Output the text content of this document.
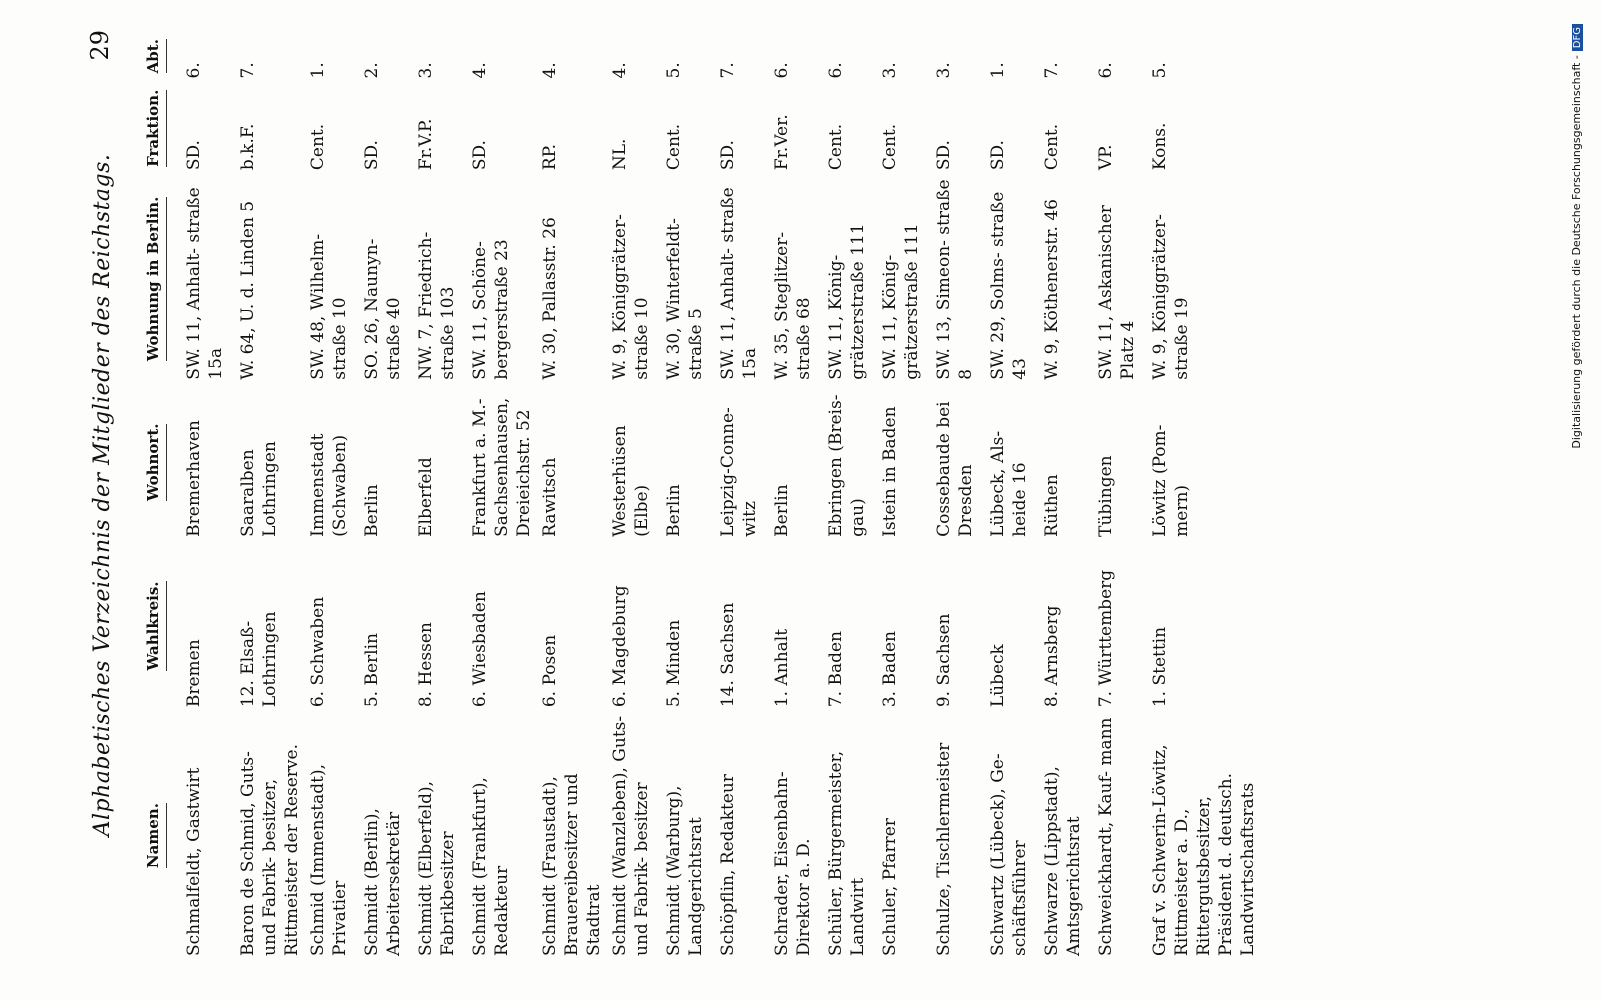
Alphabetisches Verzeichnis der Mitglieder des Reichstags.
29
Namen.	Wahlkreis.	Wohnort.	Wohnung in Berlin.	Fraktion.	Abt.
Schmalfeldt, Gastwirt	Bremen	Bremerhaven	SW. 11, Anhalt- straße 15a	SD.	6.
Baron de Schmid, Guts- und Fabrik- besitzer, Rittmeister der Reserve.	12. Elsaß- Lothringen	Saaralben Lothringen	W. 64, U. d. Linden 5	b.k.F.	7.
Schmid (Immenstadt), Privatier	6. Schwaben	Immenstadt (Schwaben)	SW. 48, Wilhelm- straße 10	Cent.	1.
Schmidt (Berlin), Arbeitersekretär	5. Berlin	Berlin	SO. 26, Naunyn- straße 40	SD.	2.
Schmidt (Elberfeld), Fabrikbesitzer	8. Hessen	Elberfeld	NW. 7, Friedrich- straße 103	Fr.V.P.	3.
Schmidt (Frankfurt), Redakteur	6. Wiesbaden	Frankfurt a. M.- Sachsenhausen, Dreieichstr. 52	SW. 11, Schöne- bergerstraße 23	SD.	4.
Schmidt (Fraustadt), Brauereibesitzer und Stadtrat	6. Posen	Rawitsch	W. 30, Pallasstr. 26	RP.	4.
Schmidt (Wanzleben), Guts- und Fabrik- besitzer	6. Magdeburg	Westerhüsen (Elbe)	W. 9, Königgrätzer- straße 10	NL.	4.
Schmidt (Warburg), Landgerichtsrat	5. Minden	Berlin	W. 30, Winterfeldt- straße 5	Cent.	5.
Schöpflin, Redakteur	14. Sachsen	Leipzig-Conne- witz	SW. 11, Anhalt- straße 15a	SD.	7.
Schrader, Eisenbahn- Direktor a. D.	1. Anhalt	Berlin	W. 35, Steglitzer- straße 68	Fr.Ver.	6.
Schüler, Bürgermeister, Landwirt	7. Baden	Ebringen (Breis- gau)	SW. 11, König- grätzerstraße 111	Cent.	6.
Schuler, Pfarrer	3. Baden	Istein in Baden	SW. 11, König- grätzerstraße 111	Cent.	3.
Schulze, Tischlermeister	9. Sachsen	Cossebaude bei Dresden	SW. 13, Simeon- straße 8	SD.	3.
Schwartz (Lübeck), Ge- schäftsführer	Lübeck	Lübeck, Als- heide 16	SW. 29, Solms- straße 43	SD.	1.
Schwarze (Lippstadt), Amtsgerichtsrat	8. Arnsberg	Rüthen	W. 9, Köthenerstr. 46	Cent.	7.
Schweickhardt, Kauf- mann	7. Württemberg	Tübingen	SW. 11, Askanischer Platz 4	VP.	6.
Graf v. Schwerin-Löwitz, Rittmeister a. D., Rittergutsbesitzer, Präsident d. deutsch. Landwirtschaftsrats	1. Stettin	Löwitz (Pom- mern)	W. 9, Königgrätzer- straße 19	Kons.	5.	Digitalisierung gefördert durch die Deutsche Forschungsgemeinschaft -DFG
